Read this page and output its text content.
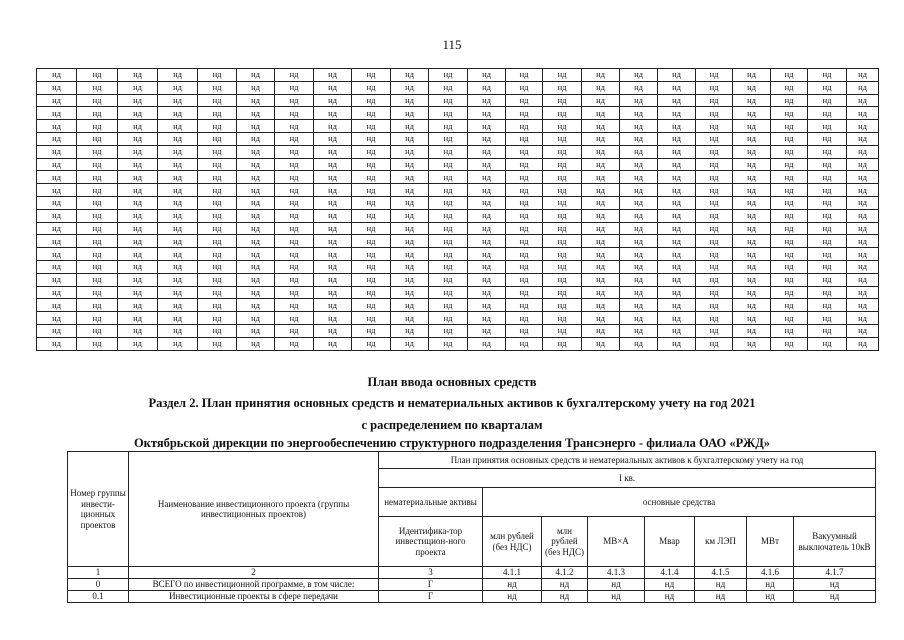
115
нд	нд	нд	нд	нд	нд	нд	нд	нд	нд	нд	нд	нд	нд	нд	нд	нд	нд	нд	нд	нд	нд
нд	нд	нд	нд	нд	нд	нд	нд	нд	нд	нд	нд	нд	нд	нд	нд	нд	нд	нд	нд	нд	нд
нд	нд	нд	нд	нд	нд	нд	нд	нд	нд	нд	нд	нд	нд	нд	нд	нд	нд	нд	нд	нд	нд
нд	нд	нд	нд	нд	нд	нд	нд	нд	нд	нд	нд	нд	нд	нд	нд	нд	нд	нд	нд	нд	нд
нд	нд	нд	нд	нд	нд	нд	нд	нд	нд	нд	нд	нд	нд	нд	нд	нд	нд	нд	нд	нд	нд
нд	нд	нд	нд	нд	нд	нд	нд	нд	нд	нд	нд	нд	нд	нд	нд	нд	нд	нд	нд	нд	нд
нд	нд	нд	нд	нд	нд	нд	нд	нд	нд	нд	нд	нд	нд	нд	нд	нд	нд	нд	нд	нд	нд
нд	нд	нд	нд	нд	нд	нд	нд	нд	нд	нд	нд	нд	нд	нд	нд	нд	нд	нд	нд	нд	нд
нд	нд	нд	нд	нд	нд	нд	нд	нд	нд	нд	нд	нд	нд	нд	нд	нд	нд	нд	нд	нд	нд
нд	нд	нд	нд	нд	нд	нд	нд	нд	нд	нд	нд	нд	нд	нд	нд	нд	нд	нд	нд	нд	нд
нд	нд	нд	нд	нд	нд	нд	нд	нд	нд	нд	нд	нд	нд	нд	нд	нд	нд	нд	нд	нд	нд
нд	нд	нд	нд	нд	нд	нд	нд	нд	нд	нд	нд	нд	нд	нд	нд	нд	нд	нд	нд	нд	нд
нд	нд	нд	нд	нд	нд	нд	нд	нд	нд	нд	нд	нд	нд	нд	нд	нд	нд	нд	нд	нд	нд
нд	нд	нд	нд	нд	нд	нд	нд	нд	нд	нд	нд	нд	нд	нд	нд	нд	нд	нд	нд	нд	нд
нд	нд	нд	нд	нд	нд	нд	нд	нд	нд	нд	нд	нд	нд	нд	нд	нд	нд	нд	нд	нд	нд
нд	нд	нд	нд	нд	нд	нд	нд	нд	нд	нд	нд	нд	нд	нд	нд	нд	нд	нд	нд	нд	нд
нд	нд	нд	нд	нд	нд	нд	нд	нд	нд	нд	нд	нд	нд	нд	нд	нд	нд	нд	нд	нд	нд
нд	нд	нд	нд	нд	нд	нд	нд	нд	нд	нд	нд	нд	нд	нд	нд	нд	нд	нд	нд	нд	нд
нд	нд	нд	нд	нд	нд	нд	нд	нд	нд	нд	нд	нд	нд	нд	нд	нд	нд	нд	нд	нд	нд
нд	нд	нд	нд	нд	нд	нд	нд	нд	нд	нд	нд	нд	нд	нд	нд	нд	нд	нд	нд	нд	нд
нд	нд	нд	нд	нд	нд	нд	нд	нд	нд	нд	нд	нд	нд	нд	нд	нд	нд	нд	нд	нд	нд
нд	нд	нд	нд	нд	нд	нд	нд	нд	нд	нд	нд	нд	нд	нд	нд	нд	нд	нд	нд	нд	нд
План ввода основных средств
Раздел 2. План принятия основных средств и нематериальных активов к бухгалтерскому учету на год 2021
с распределением по кварталам
Октябрьской дирекции по энергообеспечению структурного подразделения Трансэнерго - филиала ОАО «РЖД»
Номер группы инвести-ционных проектов	Наименование инвестиционного проекта (группы инвестиционных проектов)	План принятия основных средств и нематериальных активов к бухгалтерскому учету на год							
		I кв.							
		нематериальные активы	основные средства						
		Идентифика-тор инвестицион-ного проекта	млн рублей (без НДС)	млн рублей (без НДС)	МВ×А	Мвар	км ЛЭП	МВт	Вакуумный выключатель 10кВ
1	2	3	4.1.1	4.1.2	4.1.3	4.1.4	4.1.5	4.1.6	4.1.7
0	ВСЕГО по инвестиционной программе, в том числе:	Г	нд	нд	нд	нд	нд	нд	нд
0.1	Инвестиционные проекты в сфере передачи	Г	нд	нд	нд	нд	нд	нд	нд
